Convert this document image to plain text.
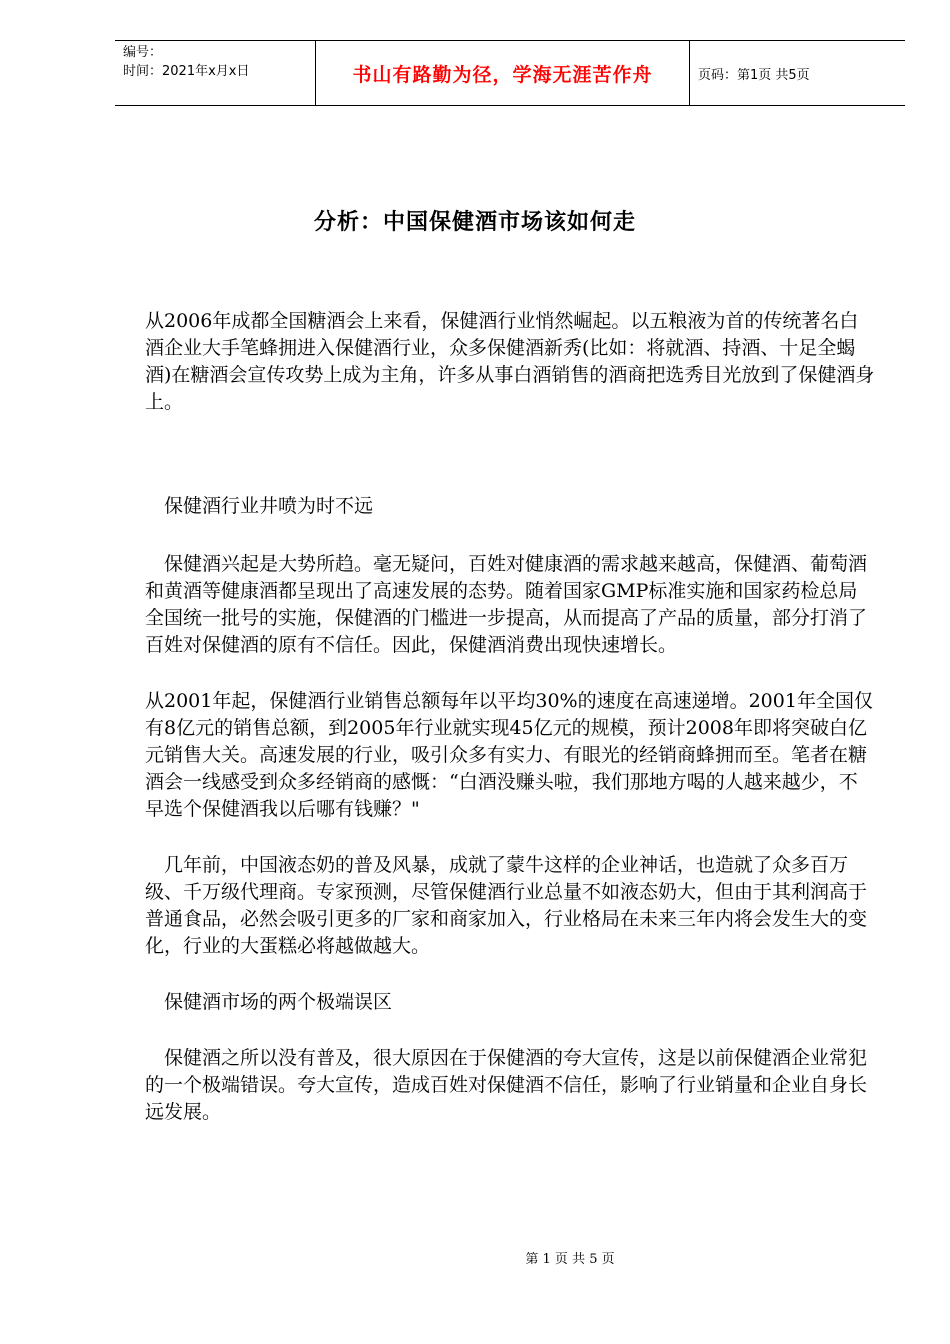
编号：
时间：2021年x月x日	书山有路勤为径，学海无涯苦作舟	页码：第1页 共5页
分析：中国保健酒市场该如何走

从2006年成都全国糖酒会上来看，保健酒行业悄然崛起。以五粮液为首的传统著名白酒企业大手笔蜂拥进入保健酒行业，众多保健酒新秀(比如：将就酒、持酒、十足全蝎酒)在糖酒会宣传攻势上成为主角，许多从事白酒销售的酒商把选秀目光放到了保健酒身上。

　保健酒行业井喷为时不远

　保健酒兴起是大势所趋。毫无疑问，百姓对健康酒的需求越来越高，保健酒、葡萄酒和黄酒等健康酒都呈现出了高速发展的态势。随着国家GMP标准实施和国家药检总局全国统一批号的实施，保健酒的门槛进一步提高，从而提高了产品的质量，部分打消了百姓对保健酒的原有不信任。因此，保健酒消费出现快速增长。

从2001年起，保健酒行业销售总额每年以平均30%的速度在高速递增。2001年全国仅有8亿元的销售总额，到2005年行业就实现45亿元的规模，预计2008年即将突破白亿元销售大关。高速发展的行业，吸引众多有实力、有眼光的经销商蜂拥而至。笔者在糖酒会一线感受到众多经销商的感慨：“白酒没赚头啦，我们那地方喝的人越来越少，不早选个保健酒我以后哪有钱赚？"

　几年前，中国液态奶的普及风暴，成就了蒙牛这样的企业神话，也造就了众多百万级、千万级代理商。专家预测，尽管保健酒行业总量不如液态奶大，但由于其利润高于普通食品，必然会吸引更多的厂家和商家加入，行业格局在未来三年内将会发生大的变化，行业的大蛋糕必将越做越大。

　保健酒市场的两个极端误区

　保健酒之所以没有普及，很大原因在于保健酒的夸大宣传，这是以前保健酒企业常犯的一个极端错误。夸大宣传，造成百姓对保健酒不信任，影响了行业销量和企业自身长远发展。

第 1 页 共 5 页
